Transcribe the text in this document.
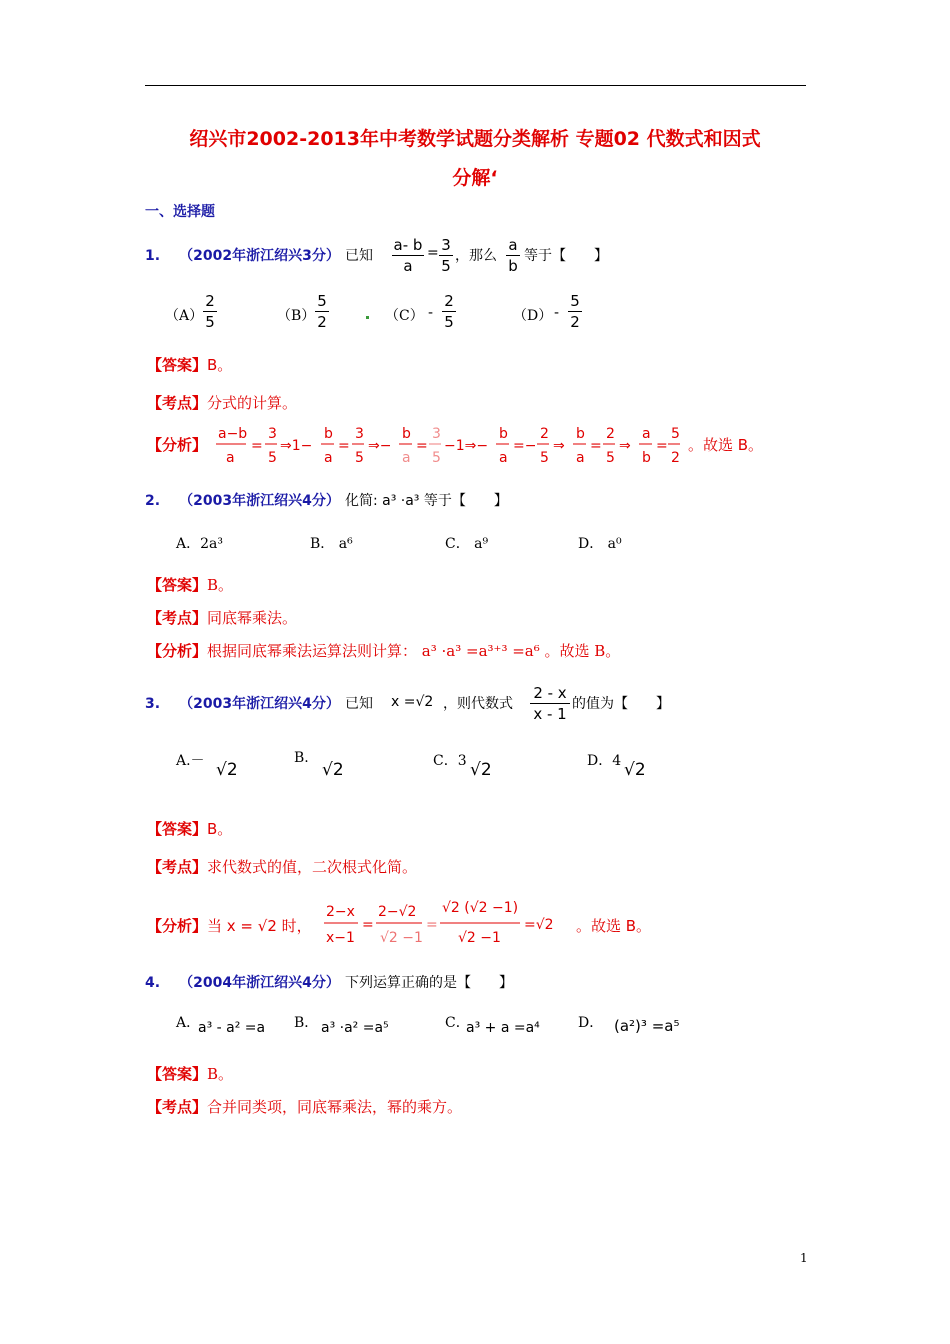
绍兴市2002-2013年中考数学试题分类解析 专题02 代数式和因式
分解‘
一、选择题
1. （2002年浙江绍兴3分） 已知
a- b
a
= 3
5
，那么
a
b
等于【　　】
（A）
2
5	（B）
5
2	（C） -
2
5	（D） -
5
2
【答案】B。
【考点】分式的计算。
【分析】
a−b
a
=
3
5
⇒1−
b
a
=
3
5
⇒−
b
a
=
3
5
−1⇒−
b
a
=−
2
5
⇒
b
a
=
2
5
⇒
a
b
=
5
2
。故选 B。
2. （2003年浙江绍兴4分） 化简: a³ ·a³ 等于【　　】
A．2a³	B． a⁶	C． a⁹	D． a⁰
【答案】B。
【考点】同底幂乘法。
【分析】根据同底幂乘法运算法则计算： a³ ·a³ =a³⁺³ =a⁶ 。故选 B。
3. （2003年浙江绍兴4分） 已知 x =√2 ，则代数式
2 - x
x - 1
的值为【　　】
A.－ √2
B.
√2	C．3 √2	D．4 √2
【答案】B。
【考点】求代数式的值，二次根式化简。
【分析】当 x = √2 时，
2−x
x−1
=
2−√2
√2 −1
=
√2 (√2 −1)
√2 −1
=√2 。故选 B。
4. （2004年浙江绍兴4分） 下列运算正确的是【　　】
A．
a³ - a² =a B． a³ ·a² =a⁵	C．
a³ + a =a⁴	D． (a²)³ =a⁵
【答案】B。
【考点】合并同类项，同底幂乘法，幂的乘方。
1
